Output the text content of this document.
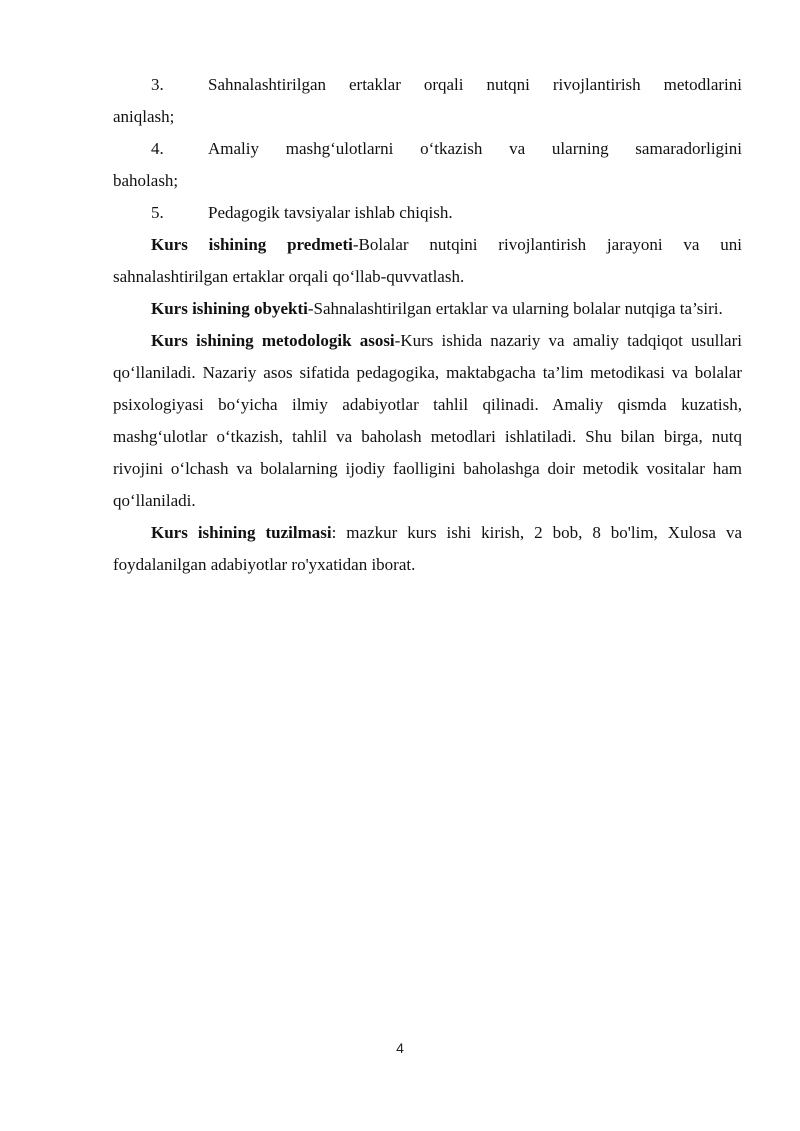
3.	Sahnalashtirilgan ertaklar orqali nutqni rivojlantirish metodlarini
aniqlash;
4.	Amaliy mashg‘ulotlarni o‘tkazish va ularning samaradorligini
baholash;
5.	Pedagogik tavsiyalar ishlab chiqish.

Kurs ishining predmeti-Bolalar nutqini rivojlantirish jarayoni va uni sahnalashtirilgan ertaklar orqali qo‘llab-quvvatlash.

Kurs ishining obyekti-Sahnalashtirilgan ertaklar va ularning bolalar nutqiga ta’siri.

Kurs ishining metodologik asosi-Kurs ishida nazariy va amaliy tadqiqot usullari qo‘llaniladi. Nazariy asos sifatida pedagogika, maktabgacha ta’lim metodikasi va bolalar psixologiyasi bo‘yicha ilmiy adabiyotlar tahlil qilinadi. Amaliy qismda kuzatish, mashg‘ulotlar o‘tkazish, tahlil va baholash metodlari ishlatiladi. Shu bilan birga, nutq rivojini o‘lchash va bolalarning ijodiy faolligini baholashga doir metodik vositalar ham qo‘llaniladi.

Kurs ishining tuzilmasi: mazkur kurs ishi kirish, 2 bob, 8 bo'lim, Xulosa va foydalanilgan adabiyotlar ro'yxatidan iborat.

4
